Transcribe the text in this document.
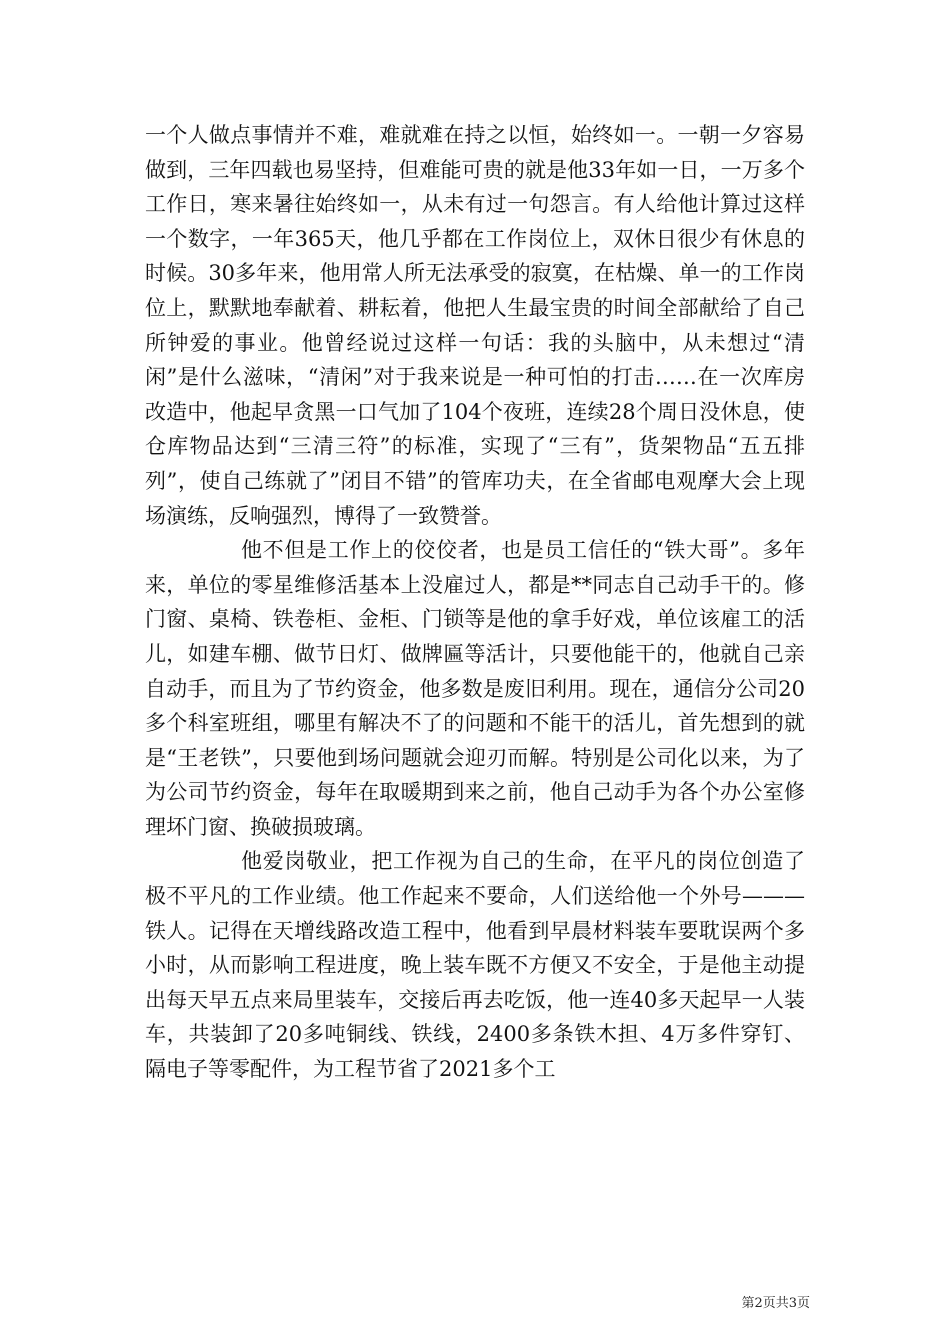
一个人做点事情并不难，难就难在持之以恒，始终如一。一朝一夕容易做到，三年四载也易坚持，但难能可贵的就是他33年如一日，一万多个工作日，寒来暑往始终如一，从未有过一句怨言。有人给他计算过这样一个数字，一年365天，他几乎都在工作岗位上，双休日很少有休息的时候。30多年来，他用常人所无法承受的寂寞，在枯燥、单一的工作岗位上，默默地奉献着、耕耘着，他把人生最宝贵的时间全部献给了自己所钟爱的事业。他曾经说过这样一句话：我的头脑中，从未想过“清闲”是什么滋味，“清闲”对于我来说是一种可怕的打击……在一次库房改造中，他起早贪黑一口气加了104个夜班，连续28个周日没休息，使仓库物品达到“三清三符”的标准，实现了“三有”，货架物品“五五排列”，使自己练就了”闭目不错”的管库功夫，在全省邮电观摩大会上现场演练，反响强烈，博得了一致赞誉。

他不但是工作上的佼佼者，也是员工信任的“铁大哥”。多年来，单位的零星维修活基本上没雇过人，都是**同志自己动手干的。修门窗、桌椅、铁卷柜、金柜、门锁等是他的拿手好戏，单位该雇工的活儿，如建车棚、做节日灯、做牌匾等活计，只要他能干的，他就自己亲自动手，而且为了节约资金，他多数是废旧利用。现在，通信分公司20多个科室班组，哪里有解决不了的问题和不能干的活儿，首先想到的就是“王老铁”，只要他到场问题就会迎刃而解。特别是公司化以来，为了为公司节约资金，每年在取暖期到来之前，他自己动手为各个办公室修理坏门窗、换破损玻璃。

他爱岗敬业，把工作视为自己的生命，在平凡的岗位创造了极不平凡的工作业绩。他工作起来不要命，人们送给他一个外号———铁人。记得在天增线路改造工程中，他看到早晨材料装车要耽误两个多小时，从而影响工程进度，晚上装车既不方便又不安全，于是他主动提出每天早五点来局里装车，交接后再去吃饭，他一连40多天起早一人装车，共装卸了20多吨铜线、铁线，2400多条铁木担、4万多件穿钉、隔电子等零配件，为工程节省了2021多个工

第2页共3页
